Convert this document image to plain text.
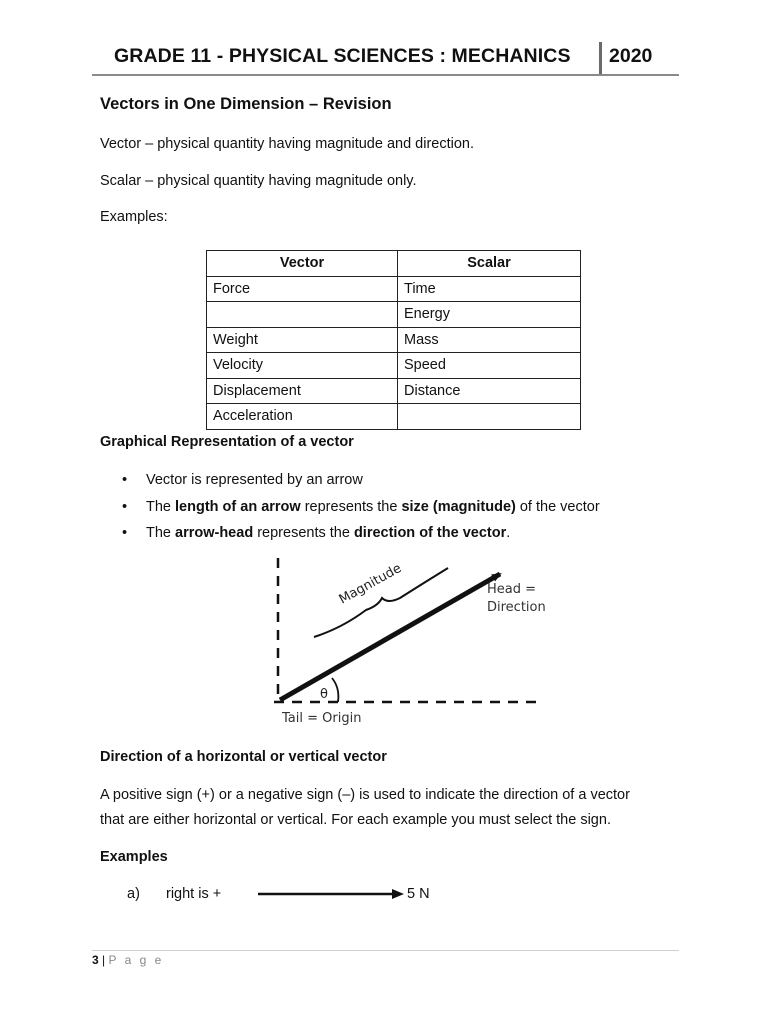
GRADE 11 - PHYSICAL SCIENCES : MECHANICS 2020
Vectors in One Dimension – Revision
Vector – physical quantity having magnitude and direction.
Scalar – physical quantity having magnitude only.
Examples:
Vector	Scalar
Force	Time
	Energy
Weight	Mass
Velocity	Speed
Displacement	Distance
Acceleration	
Graphical Representation of a vector
• Vector is represented by an arrow
• The length of an arrow represents the size (magnitude) of the vector
• The arrow-head represents the direction of the vector.
Magnitude	Head =
Direction
θ
Tail = Origin
Direction of a horizontal or vertical vector
A positive sign (+) or a negative sign (–) is used to indicate the direction of a vector
that are either horizontal or vertical. For each example you must select the sign.
Examples
a) right is +	5 N
3 | P a g e
